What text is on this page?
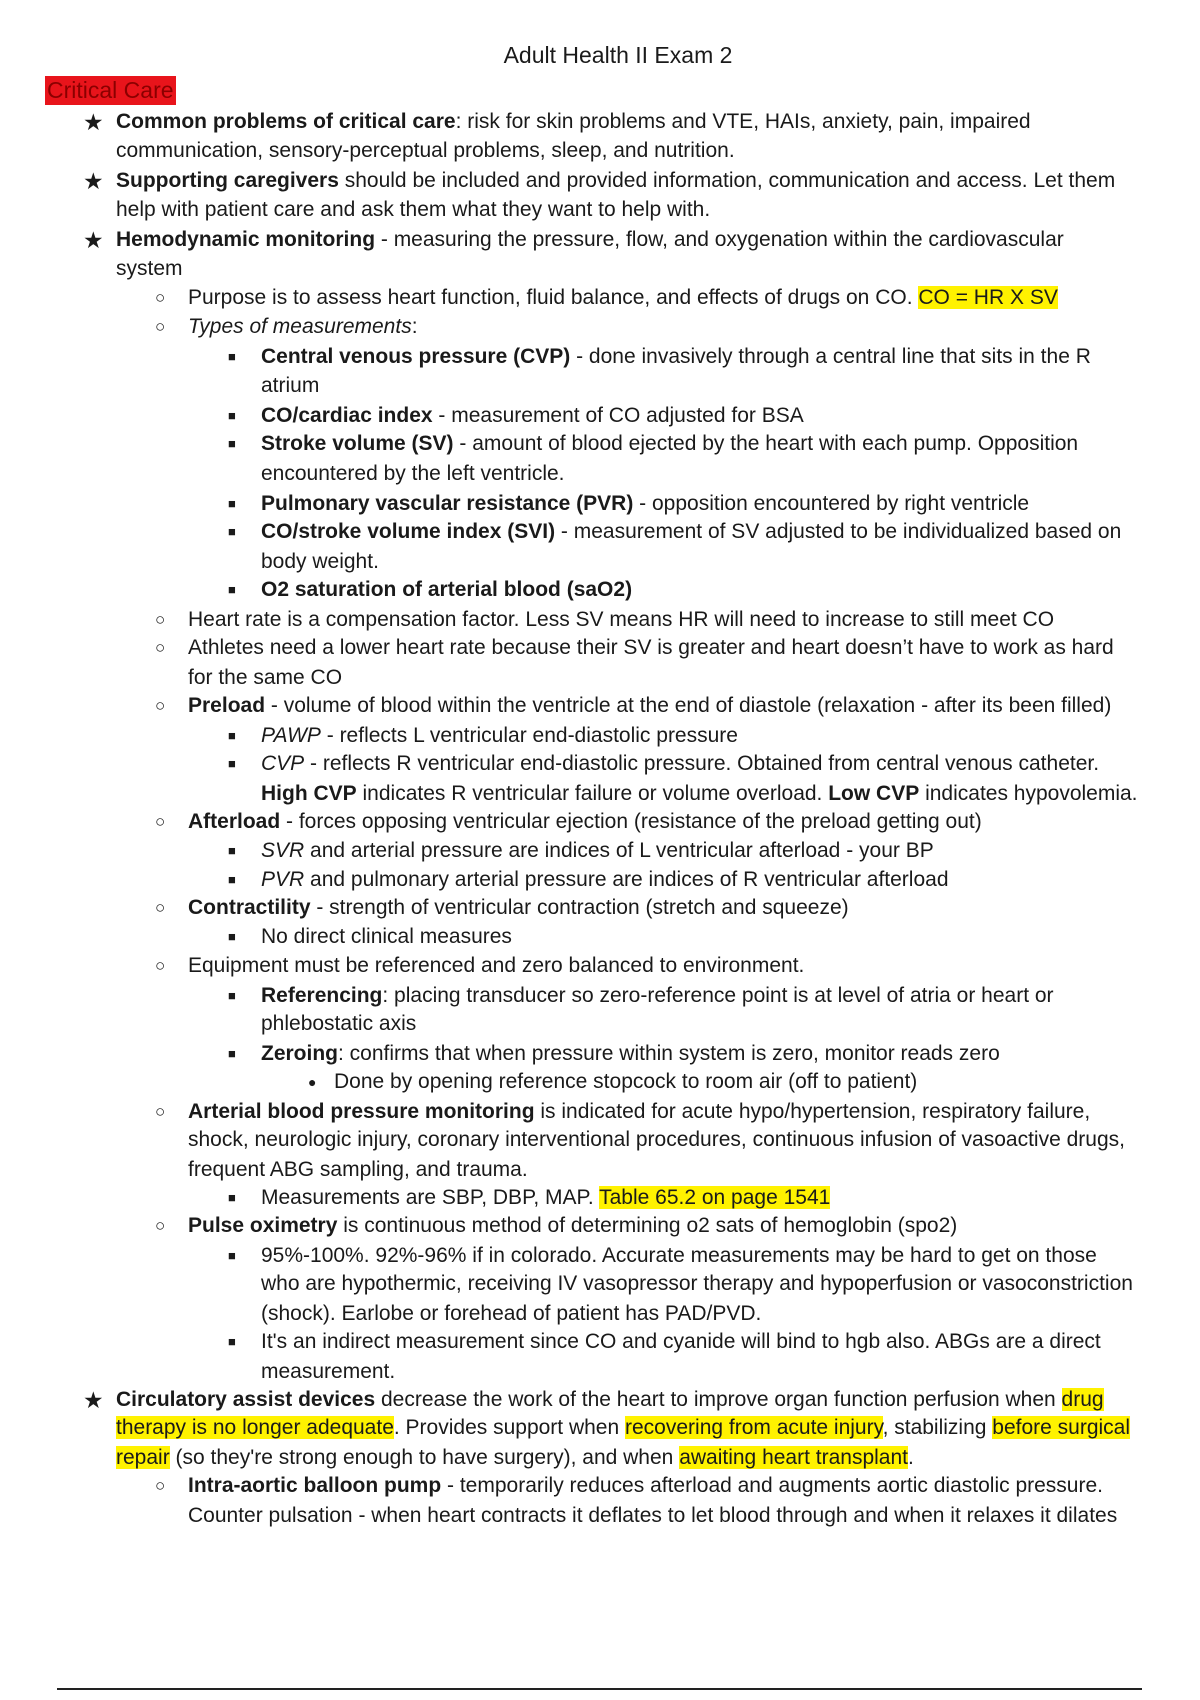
Adult Health II Exam 2
Critical Care
★ Common problems of critical care: risk for skin problems and VTE, HAIs, anxiety, pain, impaired
communication, sensory-perceptual problems, sleep, and nutrition.
★ Supporting caregivers should be included and provided information, communication and access. Let them
help with patient care and ask them what they want to help with.
★ Hemodynamic monitoring - measuring the pressure, flow, and oxygenation within the cardiovascular
system
○ Purpose is to assess heart function, fluid balance, and effects of drugs on CO. CO = HR X SV
○ Types of measurements:
■ Central venous pressure (CVP) - done invasively through a central line that sits in the R
atrium
■ CO/cardiac index - measurement of CO adjusted for BSA
■ Stroke volume (SV) - amount of blood ejected by the heart with each pump. Opposition
encountered by the left ventricle.
■ Pulmonary vascular resistance (PVR) - opposition encountered by right ventricle
■ CO/stroke volume index (SVI) - measurement of SV adjusted to be individualized based on
body weight.
■ O2 saturation of arterial blood (saO2)
○ Heart rate is a compensation factor. Less SV means HR will need to increase to still meet CO
○ Athletes need a lower heart rate because their SV is greater and heart doesn’t have to work as hard
for the same CO
○ Preload - volume of blood within the ventricle at the end of diastole (relaxation - after its been filled)
■ PAWP - reflects L ventricular end-diastolic pressure
■ CVP - reflects R ventricular end-diastolic pressure. Obtained from central venous catheter.
High CVP indicates R ventricular failure or volume overload. Low CVP indicates hypovolemia.
○ Afterload - forces opposing ventricular ejection (resistance of the preload getting out)
■ SVR and arterial pressure are indices of L ventricular afterload - your BP
■ PVR and pulmonary arterial pressure are indices of R ventricular afterload
○ Contractility - strength of ventricular contraction (stretch and squeeze)
■ No direct clinical measures
○ Equipment must be referenced and zero balanced to environment.
■ Referencing: placing transducer so zero-reference point is at level of atria or heart or
phlebostatic axis
■ Zeroing: confirms that when pressure within system is zero, monitor reads zero
● Done by opening reference stopcock to room air (off to patient)
○ Arterial blood pressure monitoring is indicated for acute hypo/hypertension, respiratory failure,
shock, neurologic injury, coronary interventional procedures, continuous infusion of vasoactive drugs,
frequent ABG sampling, and trauma.
■ Measurements are SBP, DBP, MAP. Table 65.2 on page 1541
○ Pulse oximetry is continuous method of determining o2 sats of hemoglobin (spo2)
■ 95%-100%. 92%-96% if in colorado. Accurate measurements may be hard to get on those
who are hypothermic, receiving IV vasopressor therapy and hypoperfusion or vasoconstriction
(shock). Earlobe or forehead of patient has PAD/PVD.
■ It's an indirect measurement since CO and cyanide will bind to hgb also. ABGs are a direct
measurement.
★ Circulatory assist devices decrease the work of the heart to improve organ function perfusion when drug
therapy is no longer adequate. Provides support when recovering from acute injury, stabilizing before surgical
repair (so they're strong enough to have surgery), and when awaiting heart transplant.
○ Intra-aortic balloon pump - temporarily reduces afterload and augments aortic diastolic pressure.
Counter pulsation - when heart contracts it deflates to let blood through and when it relaxes it dilates
